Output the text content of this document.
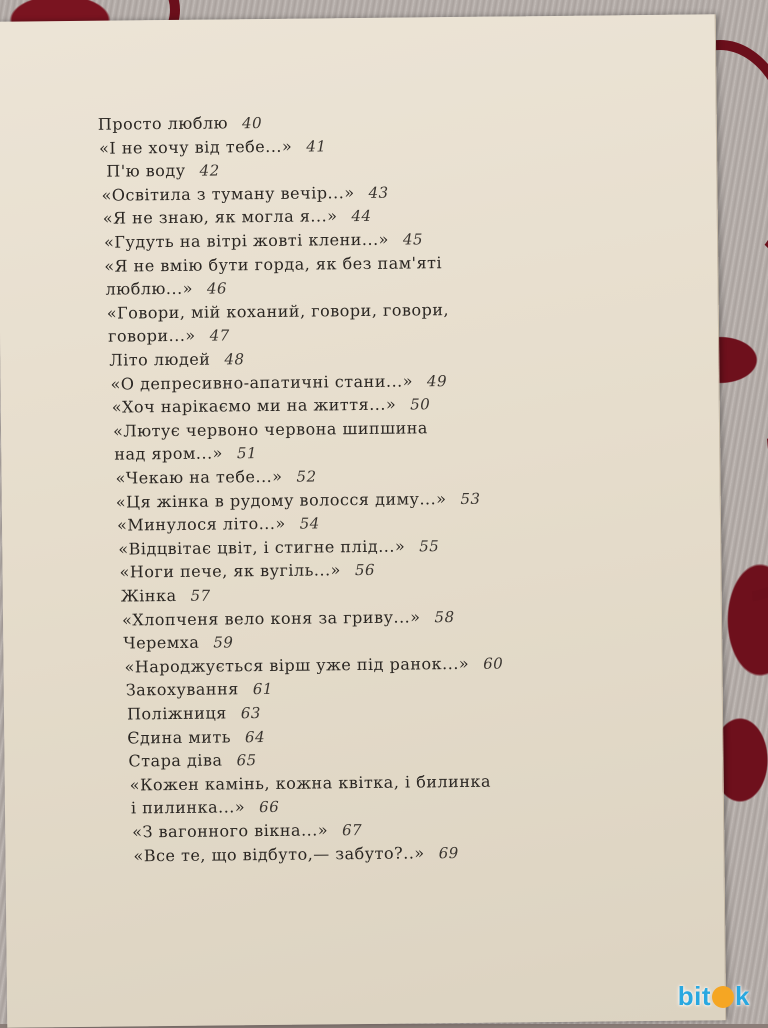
Просто люблю 40
«І не хочу від тебе...» 41
П'ю воду 42
«Освітила з туману вечір...» 43
«Я не знаю, як могла я...» 44
«Гудуть на вітрі жовті клени...» 45
«Я не вмію бути горда, як без пам'яті
люблю...» 46
«Говори, мій коханий, говори, говори,
говори...» 47
Літо людей 48
«О депресивно-апатичні стани...» 49
«Хоч нарікаємо ми на життя...» 50
«Лютує червоно червона шипшина
над яром...» 51
«Чекаю на тебе...» 52
«Ця жінка в рудому волосся диму...» 53
«Минулося літо...» 54
«Відцвітає цвіт, і стигне плід...» 55
«Ноги пече, як вугіль...» 56
Жінка 57
«Хлопченя вело коня за гриву...» 58
Черемха 59
«Народжується вірш уже під ранок...» 60
Закохування 61
Поліжниця 63
Єдина мить 64
Стара діва 65
«Кожен камінь, кожна квітка, і билинка
і пилинка...» 66
«З вагонного вікна...» 67
«Все те, що відбуто,— забуто?..» 69
bit k
